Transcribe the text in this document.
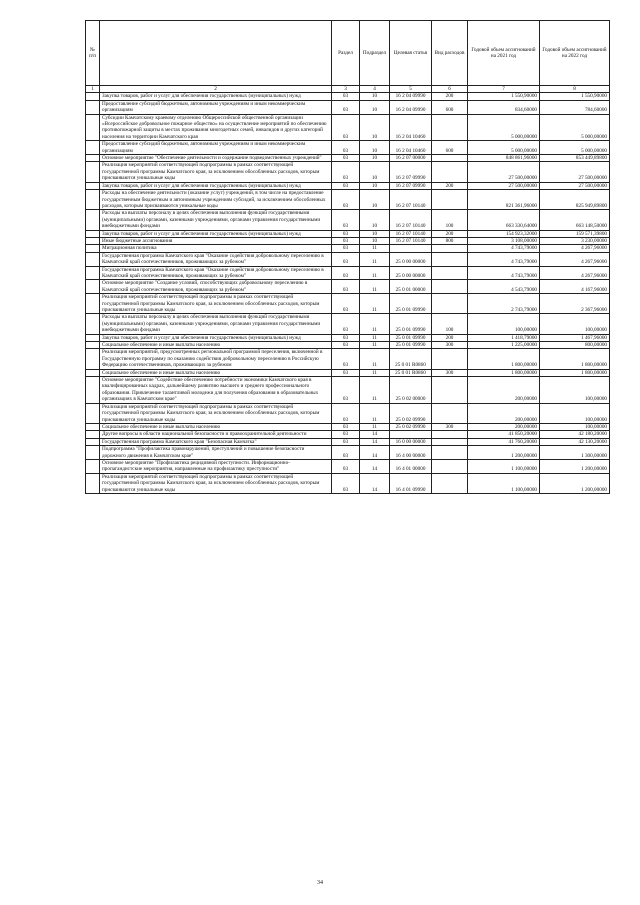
№ п/п		Раздел	Подраздел	Целевая статья	Вид расходов	Годовой объем ассигнований на 2021 год	Годовой объем ассигнований на 2022 год
1	2	3	4	5	6	7	8
	Закупка товаров, работ и услуг для обеспечения государственных (муниципальных) нужд	03	10	16 2 04 09990	200	1 550,90000	1 550,90000
	Предоставление субсидий бюджетным, автономным учреждениям и иным некоммерческим организациям	03	10	16 2 04 09990	600	834,60000	784,60000
	Субсидии Камчатскому краевому отделению Общероссийской общественной организации «Всероссийское добровольное пожарное общество» на осуществление мероприятий по обеспечению противопожарной защиты в местах проживания многодетных семей, инвалидов и других категорий населения на территории Камчатского края	03	10	16 2 04 10460		5 000,00000	5 000,00000
	Предоставление субсидий бюджетным, автономным учреждениям и иным некоммерческим организациям	03	10	16 2 04 10460	600	5 000,00000	5 000,00000
	Основное мероприятие "Обеспечение деятельности и содержание подведомственных учреждений"	03	10	16 2 07 00000		848 861,96000	853 449,89800
	Реализация мероприятий соответствующей подпрограммы в рамках соответствующей государственной программы Камчатского края, за исключением обособленных расходов, которым присваиваются уникальные коды	03	10	16 2 07 09990		27 500,00000	27 500,00000
	Закупка товаров, работ и услуг для обеспечения государственных (муниципальных) нужд	03	10	16 2 07 09990	200	27 500,00000	27 500,00000
	Расходы на обеспечение деятельности (оказание услуг) учреждений, в том числе на предоставление государственным бюджетным и автономным учреждениям субсидий, за исключением обособленных расходов, которым присваиваются уникальные коды	03	10	16 2 07 10140		821 361,96000	825 949,89800
	Расходы на выплаты персоналу в целях обеспечения выполнения функций государственными (муниципальными) органами, казенными учреждениями, органами управления государственными внебюджетными фондами	03	10	16 2 07 10140	100	663 330,64000	663 148,50000
	Закупка товаров, работ и услуг для обеспечения государственных (муниципальных) нужд	03	10	16 2 07 10140	200	154 923,32000	159 571,39800
	Иные бюджетные ассигнования	03	10	16 2 07 10140	800	3 108,00000	3 230,00000
	Миграционная политика	03	11			4 743,79000	4 267,96000
	Государственная программа Камчатского края "Оказание содействия добровольному переселению в Камчатский край соотечественников, проживающих за рубежом"	03	11	25 0 00 00000		4 743,79000	4 267,96000
	Государственная программа Камчатского края "Оказание содействия добровольному переселению в Камчатский край соотечественников, проживающих за рубежом"	03	11	25 0 00 00000		4 743,79000	4 267,96000
	Основное мероприятие "Создание условий, способствующих добровольному переселению в Камчатский край соотечественников, проживающих за рубежом"	03	11	25 0 01 00000		4 543,79000	4 167,96000
	Реализация мероприятий соответствующей подпрограммы в рамках соответствующей государственной программы Камчатского края, за исключением обособленных расходов, которым присваиваются уникальные коды	03	11	25 0 01 09990		2 743,79000	2 367,96000
	Расходы на выплаты персоналу в целях обеспечения выполнения функций государственными (муниципальными) органами, казенными учреждениями, органами управления государственными внебюджетными фондами	03	11	25 0 01 09990	100	100,00000	100,00000
	Закупка товаров, работ и услуг для обеспечения государственных (муниципальных) нужд	03	11	25 0 01 09990	200	1 418,79000	1 467,96000
	Социальное обеспечение и иные выплаты населению	03	11	25 0 01 09990	300	1 225,00000	800,00000
	Реализация мероприятий, предусмотренных региональной программой переселения, включенной в Государственную программу по оказанию содействия добровольному переселению в Российскую Федерацию соотечественников, проживающих за рубежом	03	11	25 0 01 R0860		1 800,00000	1 800,00000
	Социальное обеспечение и иные выплаты населению	03	11	25 0 01 R0860	300	1 800,00000	1 800,00000
	Основное мероприятие "Содействие обеспечению потребности экономики Камчатского края в квалифицированных кадрах, дальнейшему развитию высшего и среднего профессионального образования. Привлечение талантливой молодежи для получения образования в образовательных организациях в Камчатском крае"	03	11	25 0 02 00000		200,00000	100,00000
	Реализация мероприятий соответствующей подпрограммы в рамках соответствующей государственной программы Камчатского края, за исключением обособленных расходов, которым присваиваются уникальные коды	03	11	25 0 02 09990		200,00000	100,00000
	Социальное обеспечение и иные выплаты населению	03	11	25 0 02 09990	300	200,00000	100,00000
	Другие вопросы в области национальной безопасности и правоохранительной деятельности	03	14			41 850,20000	42 180,20000
	Государственная программа Камчатского края "Безопасная Камчатка"	03	14	16 0 00 00000		41 760,20000	42 130,20000
	Подпрограмма "Профилактика правонарушений, преступлений и повышение безопасности дорожного движения в Камчатском крае"	03	14	16 4 00 00000		1 200,00000	1 300,00000
	Основное мероприятие "Профилактика рецидивной преступности. Информационно-пропагандистские мероприятия, направленные на профилактику преступности"	03	14	16 4 01 00000		1 100,00000	1 200,00000
	Реализация мероприятий соответствующей подпрограммы в рамках соответствующей государственной программы Камчатского края, за исключением обособленных расходов, которым присваиваются уникальные коды	03	14	16 4 01 09990		1 100,00000	1 200,00000
34
